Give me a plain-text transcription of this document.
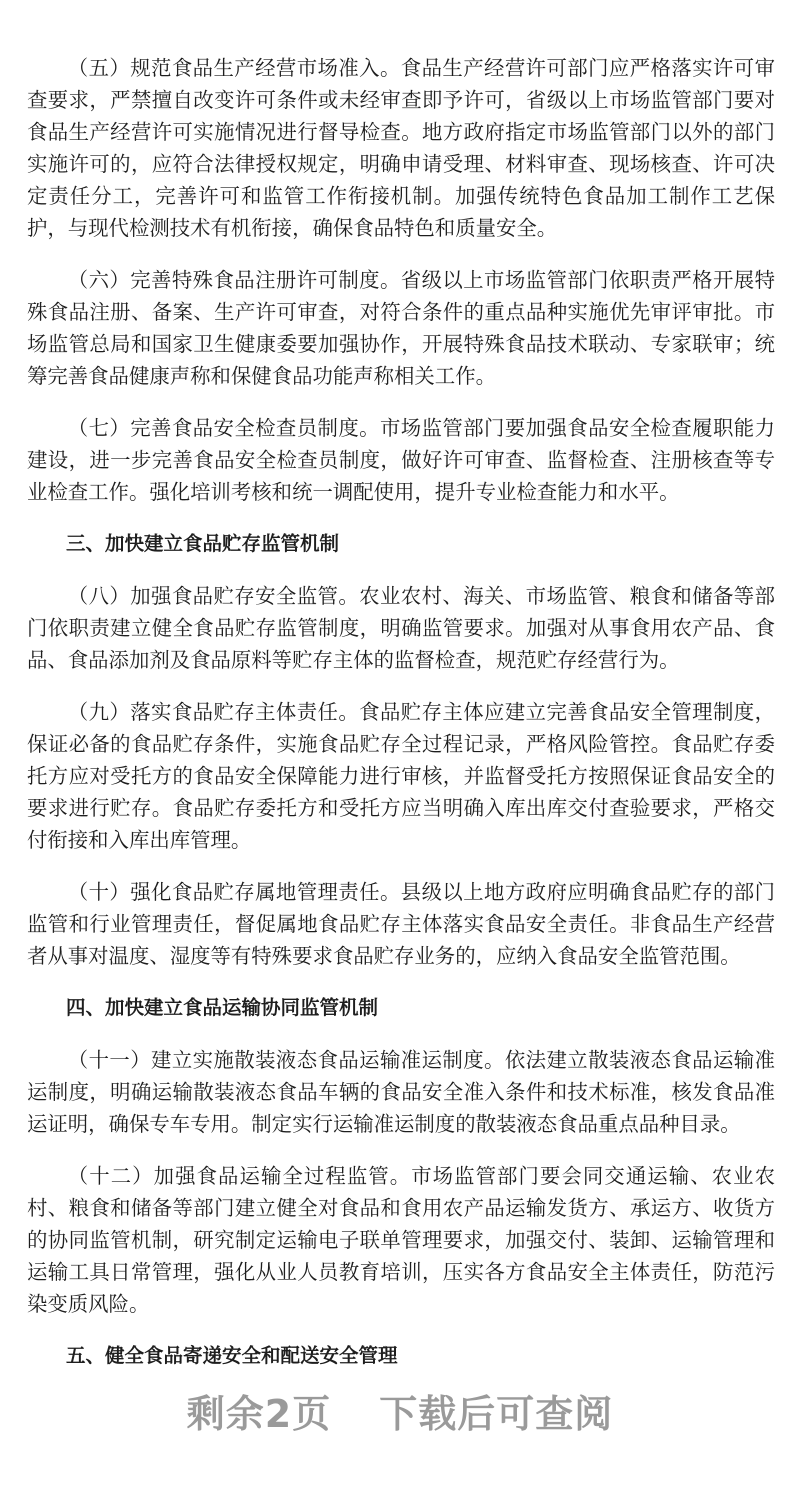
（五）规范食品生产经营市场准入。食品生产经营许可部门应严格落实许可审查要求，严禁擅自改变许可条件或未经审查即予许可，省级以上市场监管部门要对食品生产经营许可实施情况进行督导检查。地方政府指定市场监管部门以外的部门实施许可的，应符合法律授权规定，明确申请受理、材料审查、现场核查、许可决定责任分工，完善许可和监管工作衔接机制。加强传统特色食品加工制作工艺保护，与现代检测技术有机衔接，确保食品特色和质量安全。

（六）完善特殊食品注册许可制度。省级以上市场监管部门依职责严格开展特殊食品注册、备案、生产许可审查，对符合条件的重点品种实施优先审评审批。市场监管总局和国家卫生健康委要加强协作，开展特殊食品技术联动、专家联审；统筹完善食品健康声称和保健食品功能声称相关工作。

（七）完善食品安全检查员制度。市场监管部门要加强食品安全检查履职能力建设，进一步完善食品安全检查员制度，做好许可审查、监督检查、注册核查等专业检查工作。强化培训考核和统一调配使用，提升专业检查能力和水平。

三、加快建立食品贮存监管机制

（八）加强食品贮存安全监管。农业农村、海关、市场监管、粮食和储备等部门依职责建立健全食品贮存监管制度，明确监管要求。加强对从事食用农产品、食品、食品添加剂及食品原料等贮存主体的监督检查，规范贮存经营行为。

（九）落实食品贮存主体责任。食品贮存主体应建立完善食品安全管理制度，保证必备的食品贮存条件，实施食品贮存全过程记录，严格风险管控。食品贮存委托方应对受托方的食品安全保障能力进行审核，并监督受托方按照保证食品安全的要求进行贮存。食品贮存委托方和受托方应当明确入库出库交付查验要求，严格交付衔接和入库出库管理。

（十）强化食品贮存属地管理责任。县级以上地方政府应明确食品贮存的部门监管和行业管理责任，督促属地食品贮存主体落实食品安全责任。非食品生产经营者从事对温度、湿度等有特殊要求食品贮存业务的，应纳入食品安全监管范围。

四、加快建立食品运输协同监管机制

（十一）建立实施散装液态食品运输准运制度。依法建立散装液态食品运输准运制度，明确运输散装液态食品车辆的食品安全准入条件和技术标准，核发食品准运证明，确保专车专用。制定实行运输准运制度的散装液态食品重点品种目录。

（十二）加强食品运输全过程监管。市场监管部门要会同交通运输、农业农村、粮食和储备等部门建立健全对食品和食用农产品运输发货方、承运方、收货方的协同监管机制，研究制定运输电子联单管理要求，加强交付、装卸、运输管理和运输工具日常管理，强化从业人员教育培训，压实各方食品安全主体责任，防范污染变质风险。

五、健全食品寄递安全和配送安全管理

剩余2页 下载后可查阅
